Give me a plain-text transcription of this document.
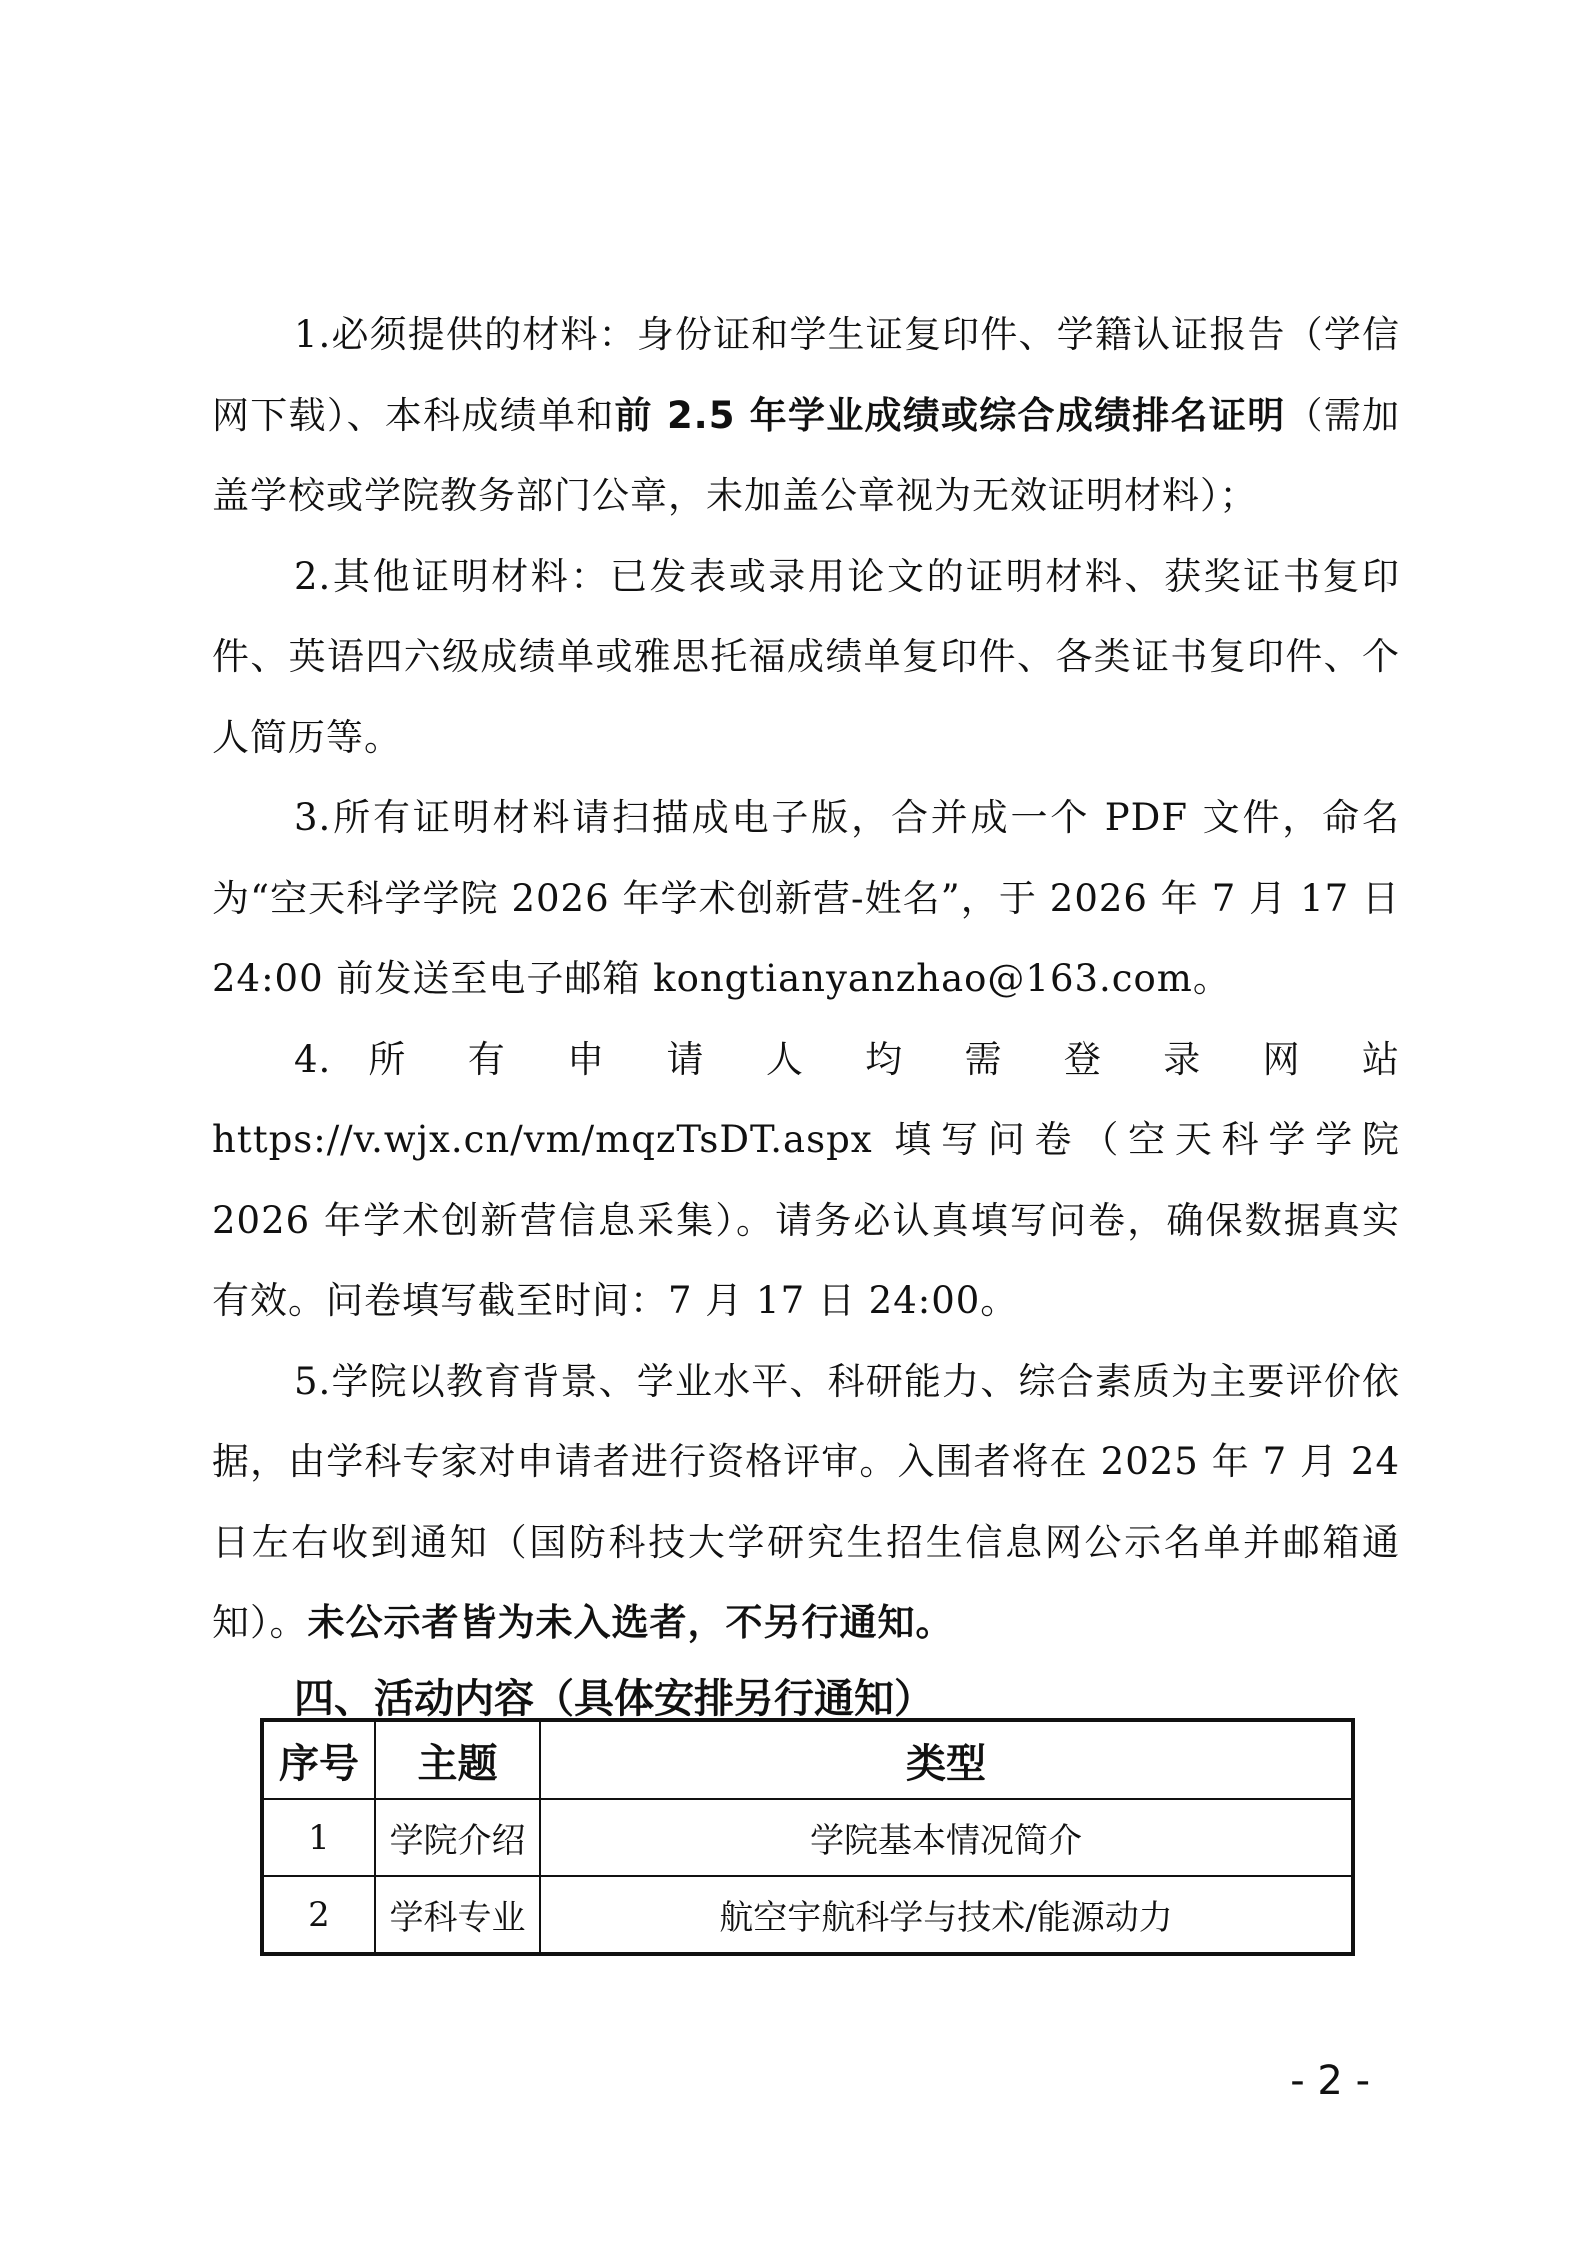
1.必须提供的材料：身份证和学生证复印件、学籍认证报告（学信网下载）、本科成绩单和前 2.5 年学业成绩或综合成绩排名证明（需加盖学校或学院教务部门公章，未加盖公章视为无效证明材料）；

2.其他证明材料：已发表或录用论文的证明材料、获奖证书复印件、英语四六级成绩单或雅思托福成绩单复印件、各类证书复印件、个人简历等。

3.所有证明材料请扫描成电子版，合并成一个 PDF 文件，命名为“空天科学学院 2026 年学术创新营-姓名”，于 2026 年 7 月 17 日 24:00 前发送至电子邮箱 kongtianyanzhao@163.com。

4. 所 有 申 请 人 均 需 登 录 网 站

https://v.wjx.cn/vm/mqzTsDT.aspx 填写问卷（空天科学学院 2026 年学术创新营信息采集）。请务必认真填写问卷，确保数据真实有效。问卷填写截至时间：7 月 17 日 24:00。

5.学院以教育背景、学业水平、科研能力、综合素质为主要评价依据，由学科专家对申请者进行资格评审。入围者将在 2025 年 7 月 24 日左右收到通知（国防科技大学研究生招生信息网公示名单并邮箱通知）。未公示者皆为未入选者，不另行通知。

四、活动内容（具体安排另行通知）

序号	主题	类型
1	学院介绍	学院基本情况简介
2	学科专业	航空宇航科学与技术/能源动力
- 2 -
